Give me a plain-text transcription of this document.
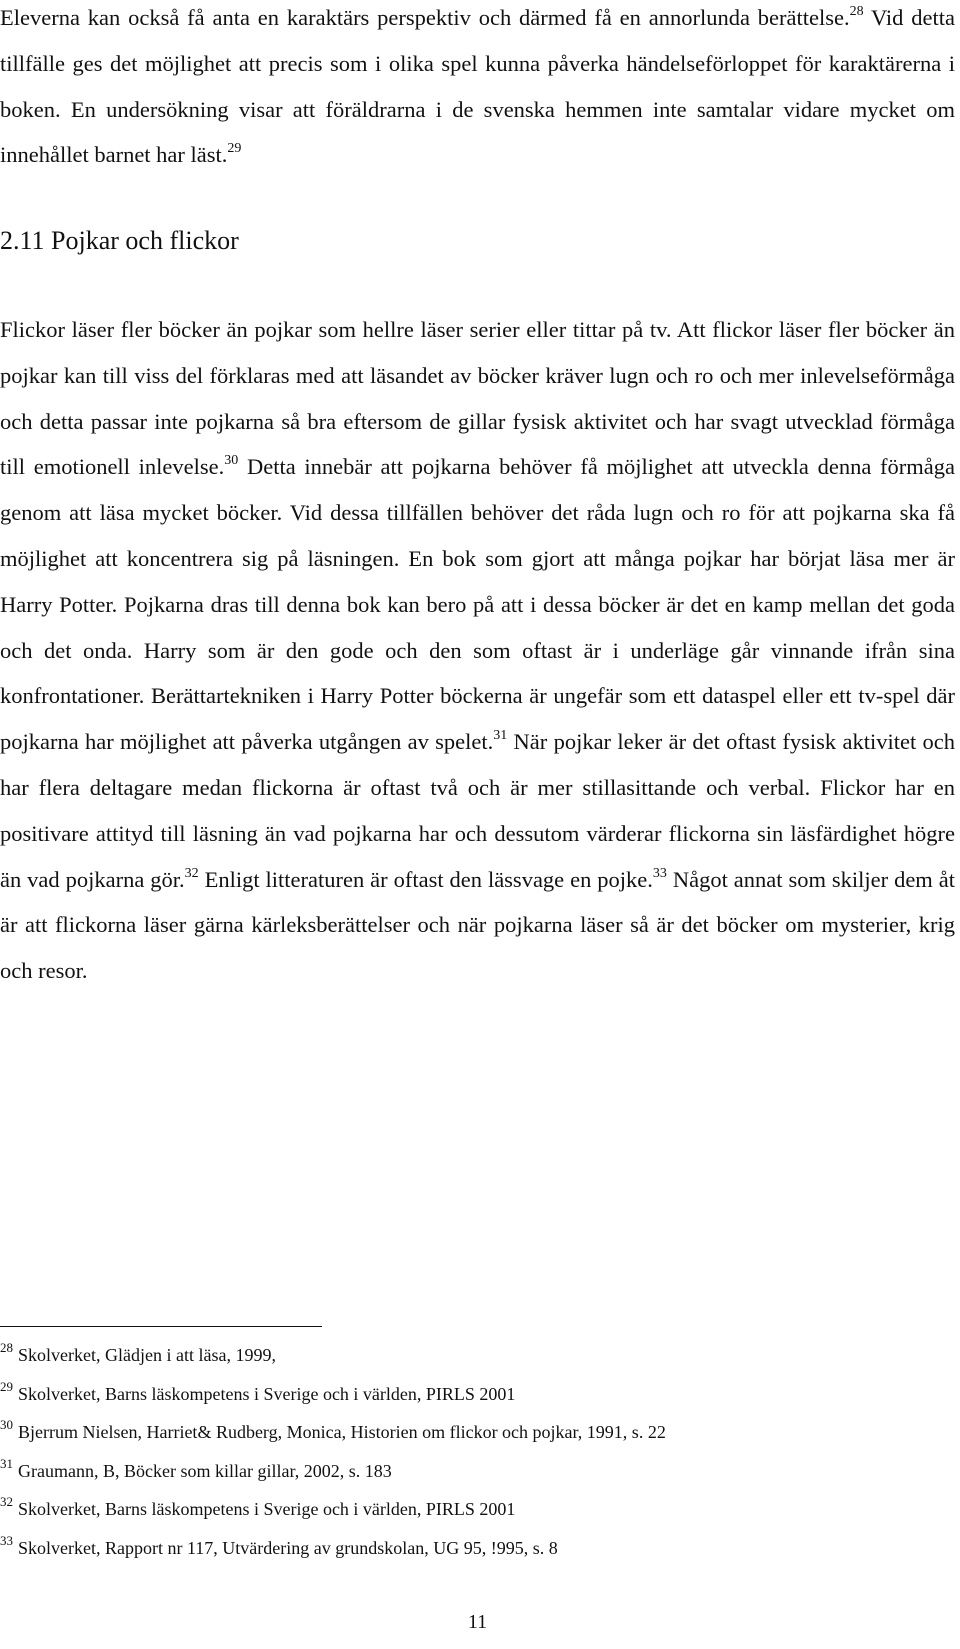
Eleverna kan också få anta en karaktärs perspektiv och därmed få en annorlunda berättelse.$^{28}$ Vid detta tillfälle ges det möjlighet att precis som i olika spel kunna påverka händelseförloppet för karaktärerna i boken. En undersökning visar att föräldrarna i de svenska hemmen inte samtalar vidare mycket om innehållet barnet har läst.$^{29}$

2.11 Pojkar och flickor

Flickor läser fler böcker än pojkar som hellre läser serier eller tittar på tv. Att flickor läser fler böcker än pojkar kan till viss del förklaras med att läsandet av böcker kräver lugn och ro och mer inlevelseförmåga och detta passar inte pojkarna så bra eftersom de gillar fysisk aktivitet och har svagt utvecklad förmåga till emotionell inlevelse.$^{30}$ Detta innebär att pojkarna behöver få möjlighet att utveckla denna förmåga genom att läsa mycket böcker. Vid dessa tillfällen behöver det råda lugn och ro för att pojkarna ska få möjlighet att koncentrera sig på läsningen. En bok som gjort att många pojkar har börjat läsa mer är Harry Potter. Pojkarna dras till denna bok kan bero på att i dessa böcker är det en kamp mellan det goda och det onda. Harry som är den gode och den som oftast är i underläge går vinnande ifrån sina konfrontationer. Berättartekniken i Harry Potter böckerna är ungefär som ett dataspel eller ett tv-spel där pojkarna har möjlighet att påverka utgången av spelet.$^{31}$ När pojkar leker är det oftast fysisk aktivitet och har flera deltagare medan flickorna är oftast två och är mer stillasittande och verbal. Flickor har en positivare attityd till läsning än vad pojkarna har och dessutom värderar flickorna sin läsfärdighet högre än vad pojkarna gör.$^{32}$ Enligt litteraturen är oftast den lässvage en pojke.$^{33}$ Något annat som skiljer dem åt är att flickorna läser gärna kärleksberättelser och när pojkarna läser så är det böcker om mysterier, krig och resor.

$^{28}$ Skolverket, Glädjen i att läsa, 1999,
$^{29}$ Skolverket, Barns läskompetens i Sverige och i världen, PIRLS 2001
$^{30}$ Bjerrum Nielsen, Harriet& Rudberg, Monica, Historien om flickor och pojkar, 1991, s. 22
$^{31}$ Graumann, B, Böcker som killar gillar, 2002, s. 183
$^{32}$ Skolverket, Barns läskompetens i Sverige och i världen, PIRLS 2001
$^{33}$ Skolverket, Rapport nr 117, Utvärdering av grundskolan, UG 95, !995, s. 8
11
